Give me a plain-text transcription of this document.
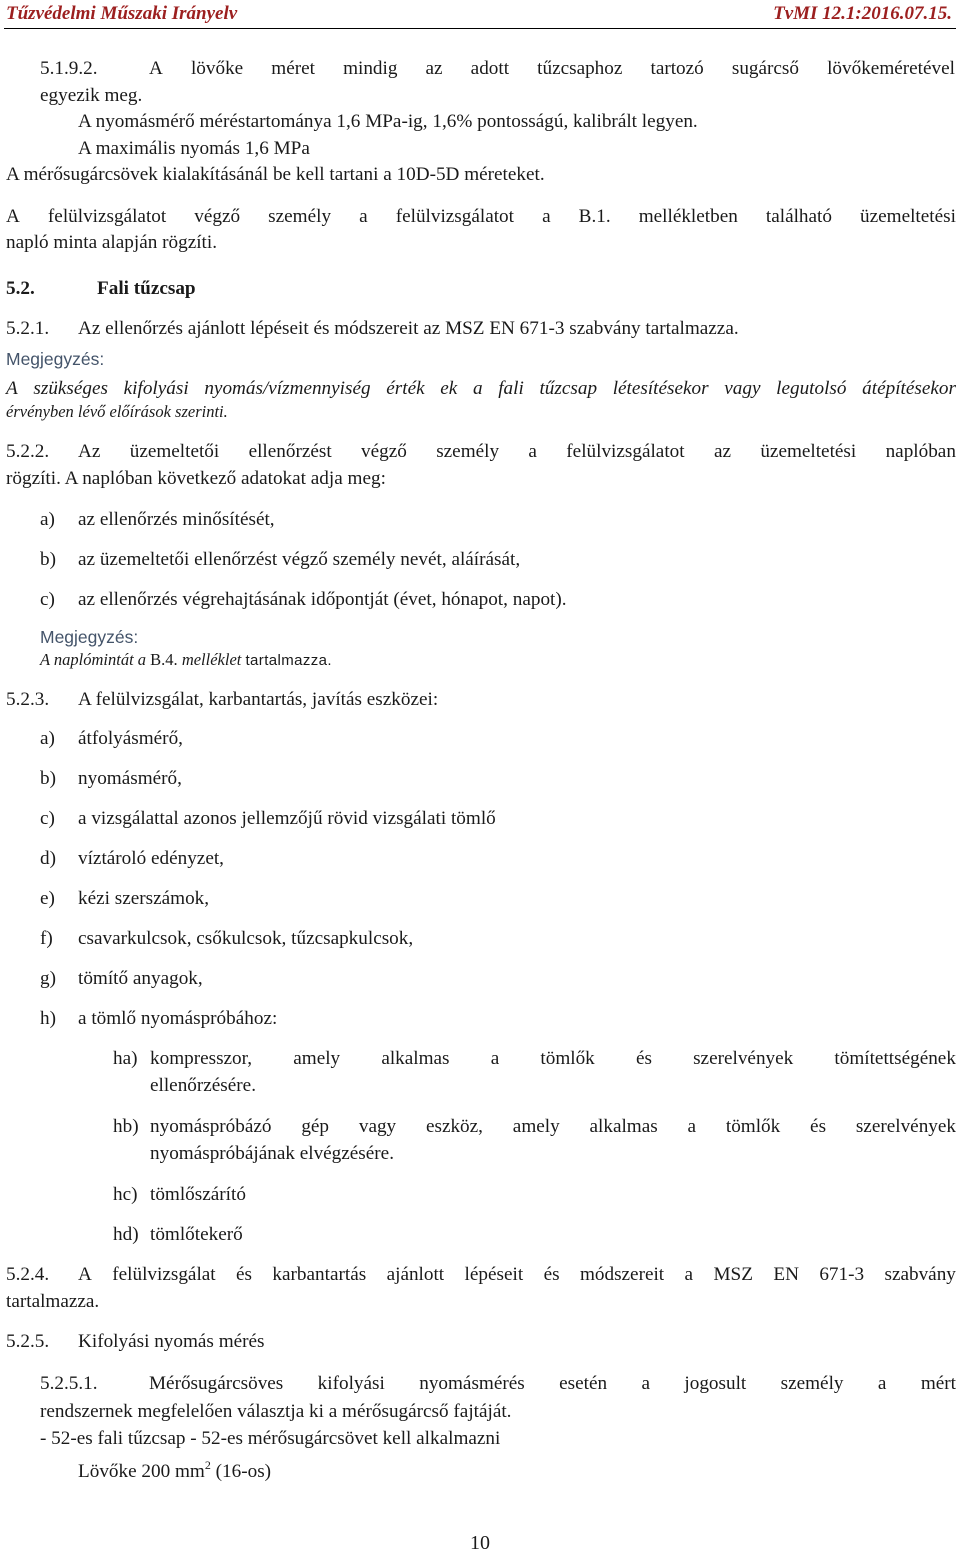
Tűzvédelmi Műszaki Irányelv	TvMI 12.1:2016.07.15.
5.1.9.2.	A lövőke méret mindig az adott tűzcsaphoz tartozó sugárcső lövőkeméretével
egyezik meg.
A nyomásmérő méréstartománya 1,6 MPa-ig, 1,6% pontosságú, kalibrált legyen.
A maximális nyomás 1,6 MPa
A mérősugárcsövek kialakításánál be kell tartani a 10D-5D méreteket.
A felülvizsgálatot végző személy a felülvizsgálatot a B.1. mellékletben található üzemeltetési
napló minta alapján rögzíti.
5.2.	Fali tűzcsap
5.2.1. Az ellenőrzés ajánlott lépéseit és módszereit az MSZ EN 671-3 szabvány tartalmazza.
Megjegyzés:
A szükséges kifolyási nyomás/vízmennyiség érték ek a fali tűzcsap létesítésekor vagy legutolsó átépítésekor
érvényben lévő előírások szerinti.
5.2.2. Az üzemeltetői ellenőrzést végző személy a felülvizsgálatot az üzemeltetési naplóban
rögzíti. A naplóban következő adatokat adja meg:
a) az ellenőrzés minősítését,
b) az üzemeltetői ellenőrzést végző személy nevét, aláírását,
c) az ellenőrzés végrehajtásának időpontját (évet, hónapot, napot).
Megjegyzés:
A naplómintát a B.4. melléklet tartalmazza.
5.2.3. A felülvizsgálat, karbantartás, javítás eszközei:
a) átfolyásmérő,
b) nyomásmérő,
c) a vizsgálattal azonos jellemzőjű rövid vizsgálati tömlő
d) víztároló edényzet,
e) kézi szerszámok,
f) csavarkulcsok, csőkulcsok, tűzcsapkulcsok,
g) tömítő anyagok,
h) a tömlő nyomáspróbához:
ha) kompresszor, amely alkalmas a tömlők és szerelvények tömítettségének
ellenőrzésére.
hb) nyomáspróbázó gép vagy eszköz, amely alkalmas a tömlők és szerelvények
nyomáspróbájának elvégzésére.
hc) tömlőszárító
hd) tömlőtekerő
5.2.4. A felülvizsgálat és karbantartás ajánlott lépéseit és módszereit a MSZ EN 671-3 szabvány
tartalmazza.
5.2.5. Kifolyási nyomás mérés
5.2.5.1.	Mérősugárcsöves kifolyási nyomásmérés esetén a jogosult személy a mért
rendszernek megfelelően választja ki a mérősugárcső fajtáját.
- 52-es fali tűzcsap - 52-es mérősugárcsövet kell alkalmazni
Lövőke 200 $mm^2$ (16-os)
10
